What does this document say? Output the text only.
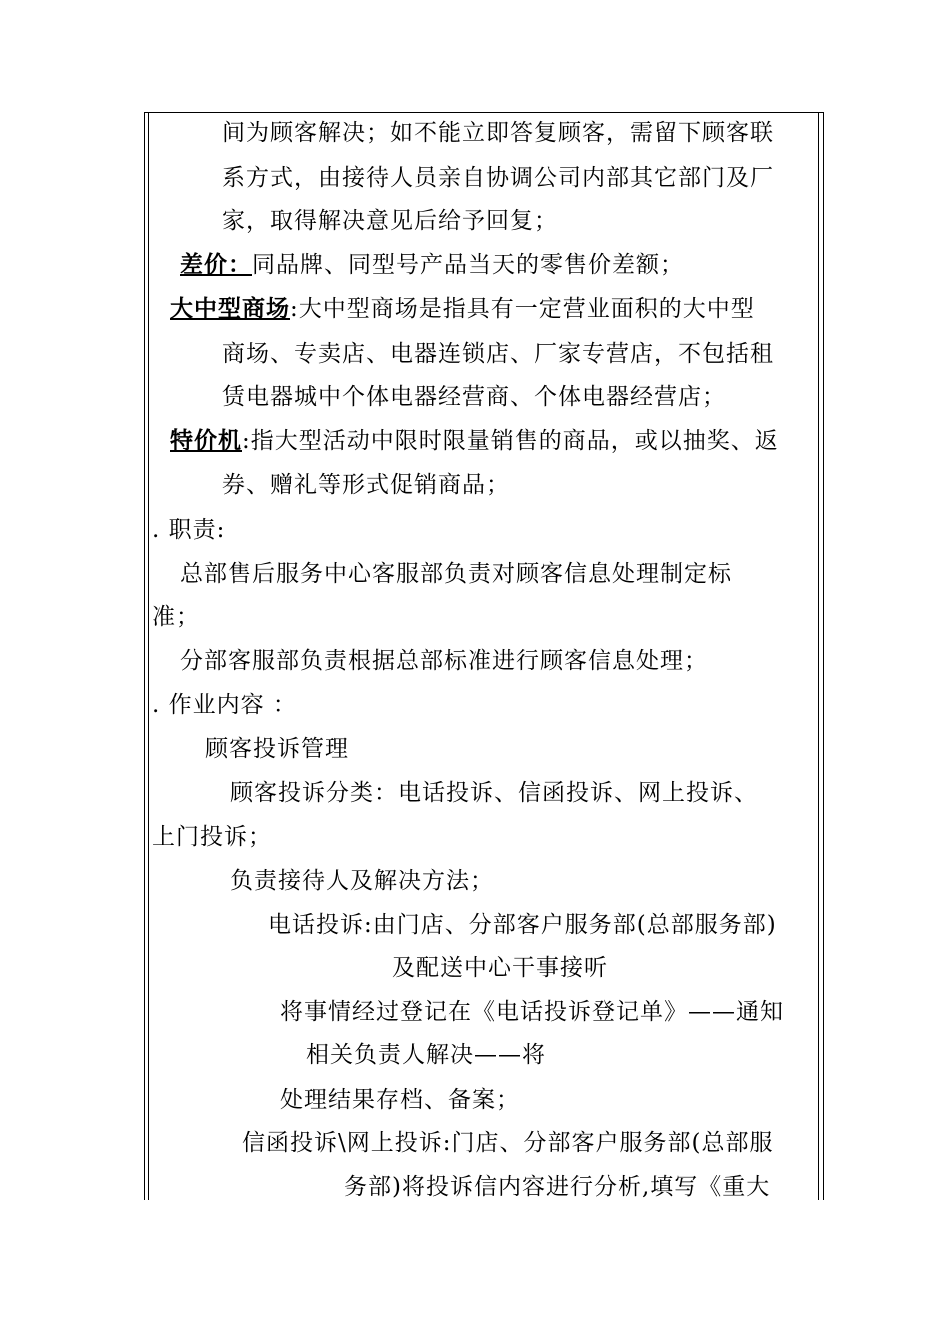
间为顾客解决；如不能立即答复顾客，需留下顾客联
系方式，由接待人员亲自协调公司内部其它部门及厂
家，取得解决意见后给予回复；
差价：同品牌、同型号产品当天的零售价差额；
大中型商场:大中型商场是指具有一定营业面积的大中型
商场、专卖店、电器连锁店、厂家专营店，不包括租
赁电器城中个体电器经营商、个体电器经营店；
特价机:指大型活动中限时限量销售的商品，或以抽奖、返
券、赠礼等形式促销商品；
. 职责:
总部售后服务中心客服部负责对顾客信息处理制定标
准；
分部客服部负责根据总部标准进行顾客信息处理；
. 作业内容 ：
顾客投诉管理
顾客投诉分类：电话投诉、信函投诉、网上投诉、
上门投诉；
负责接待人及解决方法；
电话投诉:由门店、分部客户服务部(总部服务部)
及配送中心干事接听
将事情经过登记在《电话投诉登记单》——通知
相关负责人解决——将
处理结果存档、备案；
信函投诉\网上投诉:门店、分部客户服务部(总部服
务部)将投诉信内容进行分析,填写《重大
